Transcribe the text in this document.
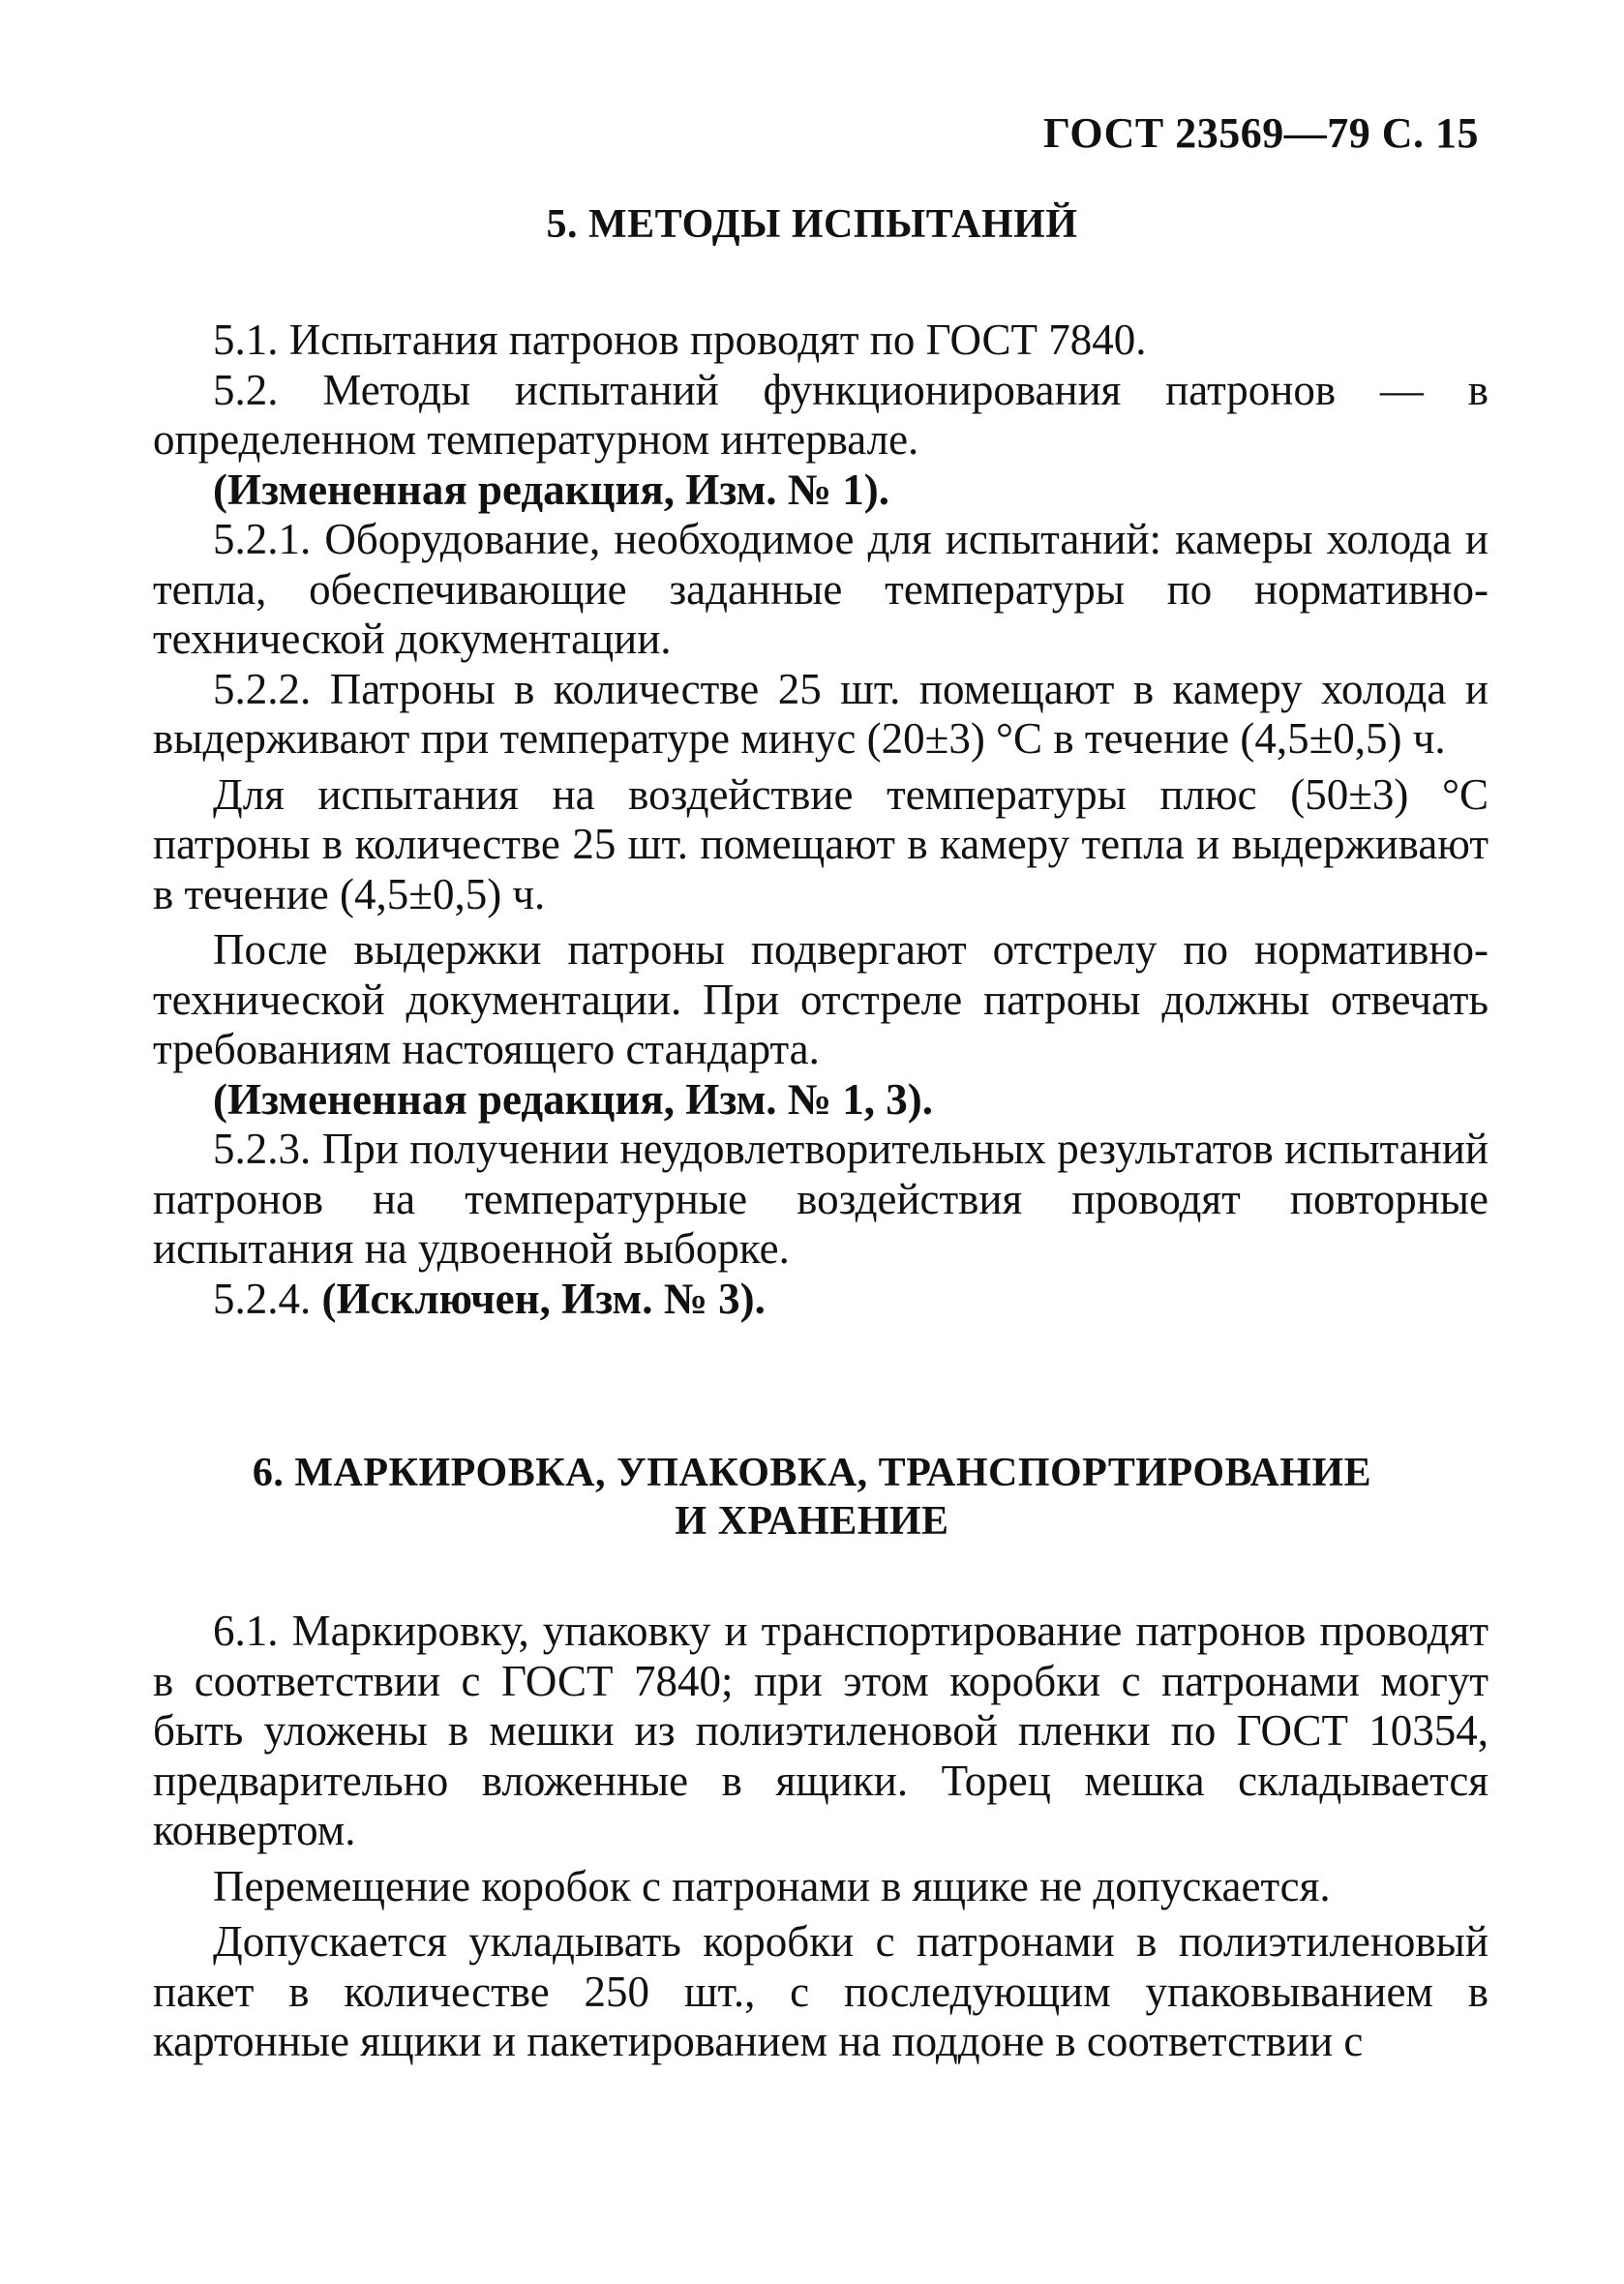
ГОСТ 23569—79 С. 15
5. МЕТОДЫ ИСПЫТАНИЙ

5.1. Испытания патронов проводят по ГОСТ 7840.

5.2. Методы испытаний функционирования патронов — в определенном температурном интервале.

(Измененная редакция, Изм. № 1).

5.2.1. Оборудование, необходимое для испытаний: камеры холода и тепла, обеспечивающие заданные температуры по нормативно-технической документации.

5.2.2. Патроны в количестве 25 шт. помещают в камеру холода и выдерживают при температуре минус (20±3) °С в течение (4,5±0,5) ч.

Для испытания на воздействие температуры плюс (50±3) °С патроны в количестве 25 шт. помещают в камеру тепла и выдерживают в течение (4,5±0,5) ч.

После выдержки патроны подвергают отстрелу по нормативно-технической документации. При отстреле патроны должны отвечать требованиям настоящего стандарта.

(Измененная редакция, Изм. № 1, 3).

5.2.3. При получении неудовлетворительных результатов испытаний патронов на температурные воздействия проводят повторные испытания на удвоенной выборке.

5.2.4. (Исключен, Изм. № 3).

6. МАРКИРОВКА, УПАКОВКА, ТРАНСПОРТИРОВАНИЕ
И ХРАНЕНИЕ

6.1. Маркировку, упаковку и транспортирование патронов проводят в соответствии с ГОСТ 7840; при этом коробки с патронами могут быть уложены в мешки из полиэтиленовой пленки по ГОСТ 10354, предварительно вложенные в ящики. Торец мешка складывается конвертом.

Перемещение коробок с патронами в ящике не допускается.

Допускается укладывать коробки с патронами в полиэтиленовый пакет в количестве 250 шт., с последующим упаковыванием в картонные ящики и пакетированием на поддоне в соответствии с
